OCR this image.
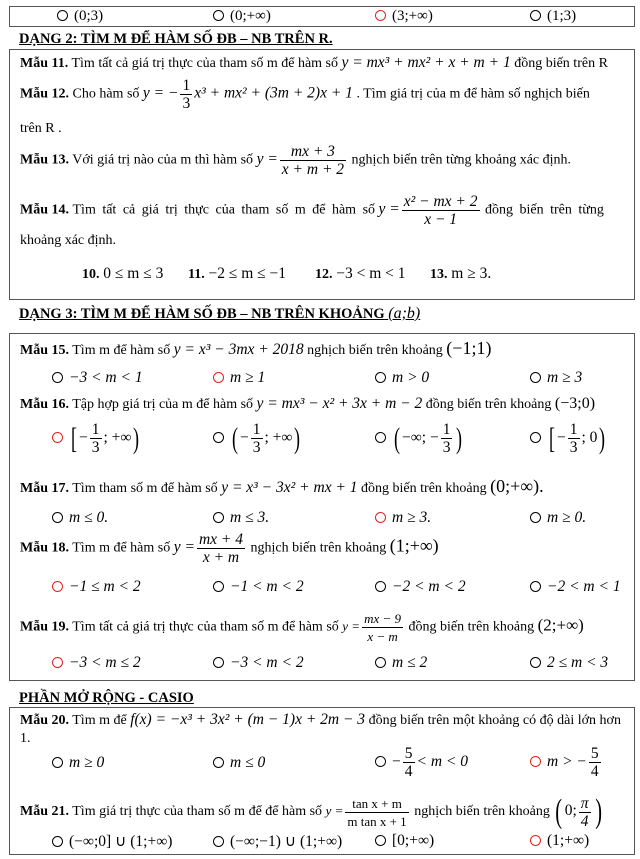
(0;3)	(0;+∞)	(3;+∞)	(1;3)
DẠNG 2: TÌM M ĐỂ HÀM SỐ ĐB – NB TRÊN R.
Mẫu 11. Tìm tất cả giá trị thực của tham số m để hàm số y = mx³ + mx² + x + m + 1 đồng biến trên R
Mẫu 12. Cho hàm số y = − $\frac{1}{3} x^3 + mx^2 + (3m + 2)x + 1$ . Tìm giá trị của m để hàm số nghịch biến
trên R .
Mẫu 13. Với giá trị nào của m thì hàm số $y = \frac{mx + 3}{x + m + 2}$ nghịch biến trên từng khoảng xác định.
Mẫu 14. Tìm tất cả giá trị thực của tham số m để hàm số $y = \frac{\text{x² − mx + 2}}{x - 1}$ đồng biến trên từng
khoảng xác định.
10. 0 ≤ m ≤ 3 11. −2 ≤ m ≤ −1 12. −3 < m < 1 13. m ≥ 3.
DẠNG 3: TÌM M ĐỂ HÀM SỐ ĐB – NB TRÊN KHOẢNG (a;b)
Mẫu 15. Tìm m để hàm số y = x³ − 3mx + 2018 nghịch biến trên khoảng (−1;1)
−3 < m < 1	m ≥ 1	m > 0	m ≥ 3
Mẫu 16. Tập hợp giá trị của m để hàm số y = mx³ − x² + 3x + m − 2 đồng biến trên khoảng (−3;0)
[ − $\frac{1}{3}$ ; +∞)	( − $\frac{1}{3}$ ; +∞)	( −∞; − $\frac{1}{3}$ )	[ − $\frac{1}{3}$ ; 0)
Mẫu 17. Tìm tham số m để hàm số y = x³ − 3x² + mx + 1 đồng biến trên khoảng (0;+∞).
m ≤ 0.	m ≤ 3.	m ≥ 3.	m ≥ 0.
Mẫu 18. Tìm m để hàm số $y = \frac{mx + 4}{x + m}$ nghịch biến trên khoảng (1;+∞)
−1 ≤ m < 2	−1 < m < 2	−2 < m < 2	−2 < m < 1
Mẫu 19. Tìm tất cả giá trị thực của tham số m để hàm số $y = \frac{mx - 9}{x - m}$ đồng biến trên khoảng (2;+∞)
−3 < m ≤ 2	−3 < m < 2	m ≤ 2	2 ≤ m < 3
PHẦN MỞ RỘNG - CASIO
Mẫu 20. Tìm m để f(x) = −x³ + 3x² + (m − 1)x + 2m − 3 đồng biến trên một khoảng có độ dài lớn hơn
1.
m ≥ 0	m ≤ 0	− $\frac{5}{4} < m < 0$	m > − $\frac{5}{4}$
Mẫu 21. Tìm giá trị thực của tham số m để để hàm số $y = \frac{\text{tan x + m}}{\text{m tan x + 1}}$ nghịch biến trên khoảng ( 0; $\frac{\pi}{4}$ )
(−∞;0] ∪ (1;+∞)	(−∞;−1) ∪ (1;+∞)	[0;+∞)	(1;+∞)
